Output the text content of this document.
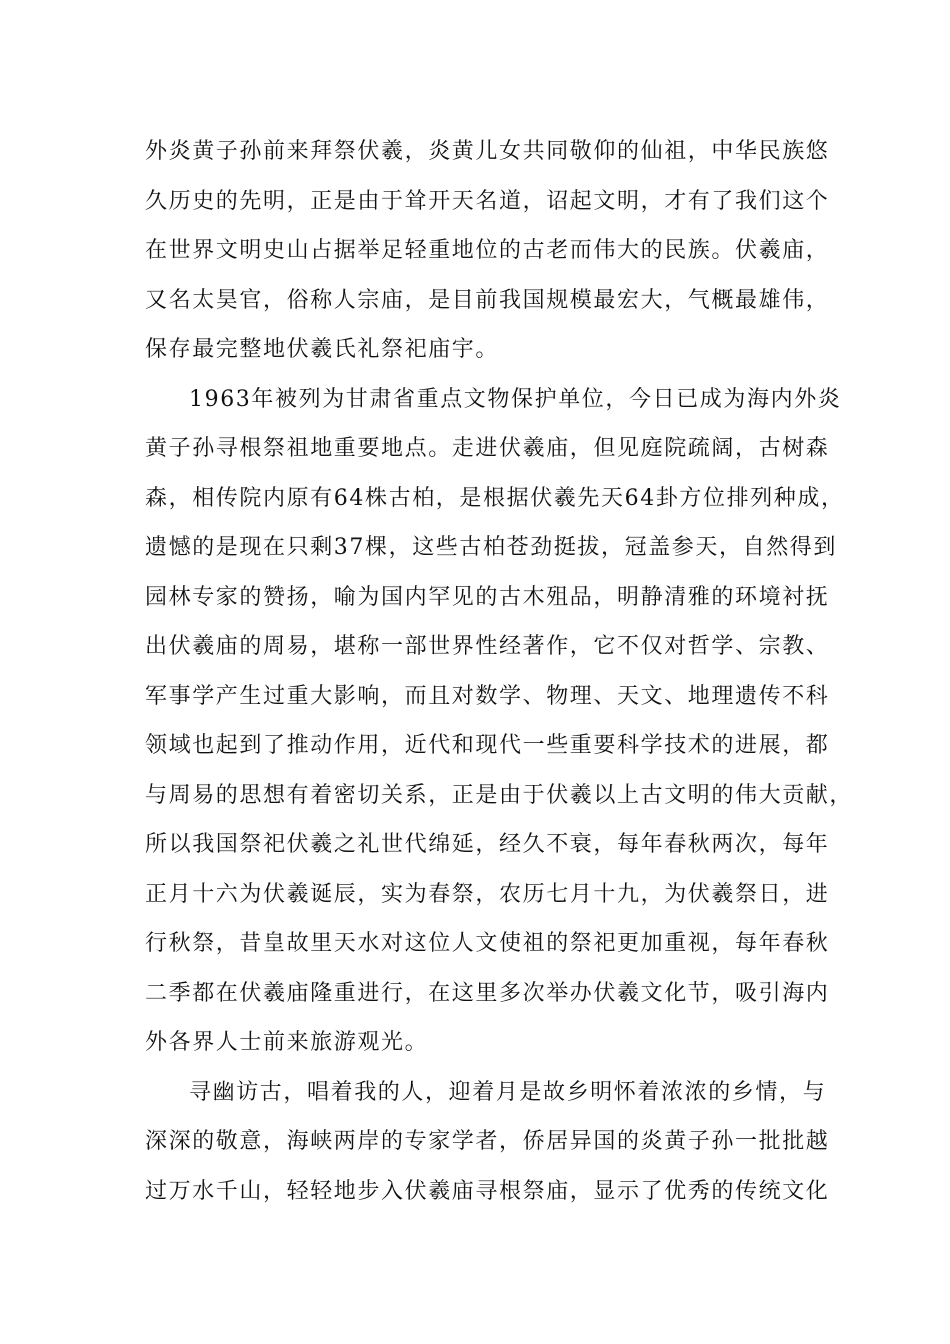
外炎黄子孙前来拜祭伏羲，炎黄儿女共同敬仰的仙祖，中华民族悠
久历史的先明，正是由于耸开天名道，诏起文明，才有了我们这个
在世界文明史山占据举足轻重地位的古老而伟大的民族。伏羲庙，
又名太昊官，俗称人宗庙，是目前我国规模最宏大，气概最雄伟，
保存最完整地伏羲氏礼祭祀庙宇。
1963年被列为甘肃省重点文物保护单位，今日已成为海内外炎
黄子孙寻根祭祖地重要地点。走进伏羲庙，但见庭院疏阔，古树森
森，相传院内原有64株古柏，是根据伏羲先天64卦方位排列种成，
遗憾的是现在只剩37棵，这些古柏苍劲挺拔，冠盖参天，自然得到
园林专家的赞扬，喻为国内罕见的古木殂品，明静清雅的环境衬抚
出伏羲庙的周易，堪称一部世界性经著作，它不仅对哲学、宗教、
军事学产生过重大影响，而且对数学、物理、天文、地理遗传不科
领域也起到了推动作用，近代和现代一些重要科学技术的进展，都
与周易的思想有着密切关系，正是由于伏羲以上古文明的伟大贡献，
所以我国祭祀伏羲之礼世代绵延，经久不衰，每年春秋两次，每年
正月十六为伏羲诞辰，实为春祭，农历七月十九，为伏羲祭日，进
行秋祭，昔皇故里天水对这位人文使祖的祭祀更加重视，每年春秋
二季都在伏羲庙隆重进行，在这里多次举办伏羲文化节，吸引海内
外各界人士前来旅游观光。
寻幽访古，唱着我的人，迎着月是故乡明怀着浓浓的乡情，与
深深的敬意，海峡两岸的专家学者，侨居异国的炎黄子孙一批批越
过万水千山，轻轻地步入伏羲庙寻根祭庙，显示了优秀的传统文化
